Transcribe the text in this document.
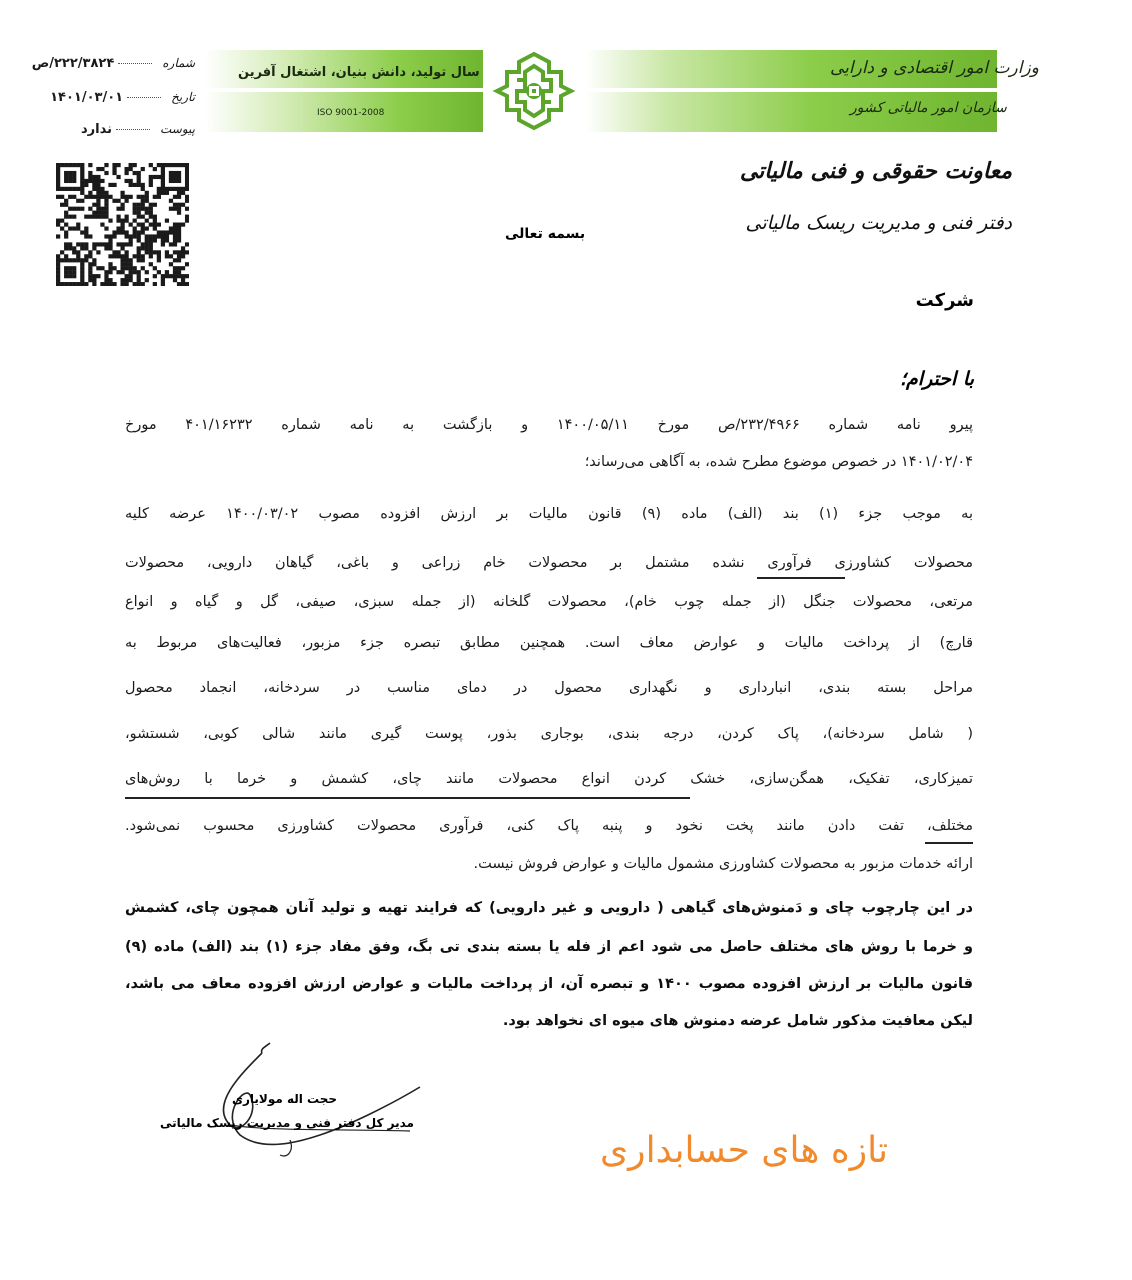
وزارت امور اقتصادی و دارایی
سازمان امور مالیاتی کشور
سال تولید، دانش بنیان، اشتغال آفرین
ISO 9001-2008
شماره۲۲۲/۳۸۲۴/ص
تاریخ۱۴۰۱/۰۳/۰۱
پیوستندارد
معاونت حقوقی و فنی مالیاتی
دفتر فنی و مدیریت ریسک مالیاتی
بسمه تعالی
شرکت
با احترام؛
پیرو نامه شماره ۲۳۲/۴۹۶۶/ص مورخ ۱۴۰۰/۰۵/۱۱ و بازگشت به نامه شماره ۴۰۱/۱۶۲۳۲ مورخ
۱۴۰۱/۰۲/۰۴ در خصوص موضوع مطرح شده، به آگاهی می‌رساند؛
به موجب جزء (۱) بند (الف) ماده (۹) قانون مالیات بر ارزش افزوده مصوب ۱۴۰۰/۰۳/۰۲ عرضه کلیه
محصولات کشاورزی فرآوری نشده مشتمل بر محصولات خام زراعی و باغی، گیاهان دارویی، محصولات
مرتعی، محصولات جنگل (از جمله چوب خام)، محصولات گلخانه (از جمله سبزی، صیفی، گل و گیاه و انواع
قارچ) از پرداخت مالیات و عوارض معاف است. همچنین مطابق تبصره جزء مزبور، فعالیت‌های مربوط به
مراحل بسته بندی، انبارداری و نگهداری محصول در دمای مناسب در سردخانه، انجماد محصول
( شامل سردخانه)، پاک کردن، درجه بندی، بوجاری بذور، پوست گیری مانند شالی کوبی، شستشو،
تمیزکاری، تفکیک، همگن‌سازی، خشک کردن انواع محصولات مانند چای، کشمش و خرما با روش‌های
مختلف، تفت دادن مانند پخت نخود و پنبه پاک کنی، فرآوری محصولات کشاورزی محسوب نمی‌شود.
ارائه خدمات مزبور به محصولات کشاورزی مشمول مالیات و عوارض فروش نیست.
در این چارچوب چای و دَمنوش‌های گیاهی ( دارویی و غیر دارویی) که فرایند تهیه و تولید آنان همچون چای، کشمش
و خرما با روش های مختلف حاصل می شود اعم از فله یا بسته بندی تی بگ، وفق مفاد جزء (۱) بند (الف) ماده (۹)
قانون مالیات بر ارزش افزوده مصوب ۱۴۰۰ و تبصره آن، از پرداخت مالیات و عوارض ارزش افزوده معاف می باشد،
لیکن معافیت مذکور شامل عرضه دمنوش های میوه ای نخواهد بود.
حجت اله مولایاری
مدیر کل دفتر فنی و مدیریت ریسک مالیاتی
تازه های حسابداری
